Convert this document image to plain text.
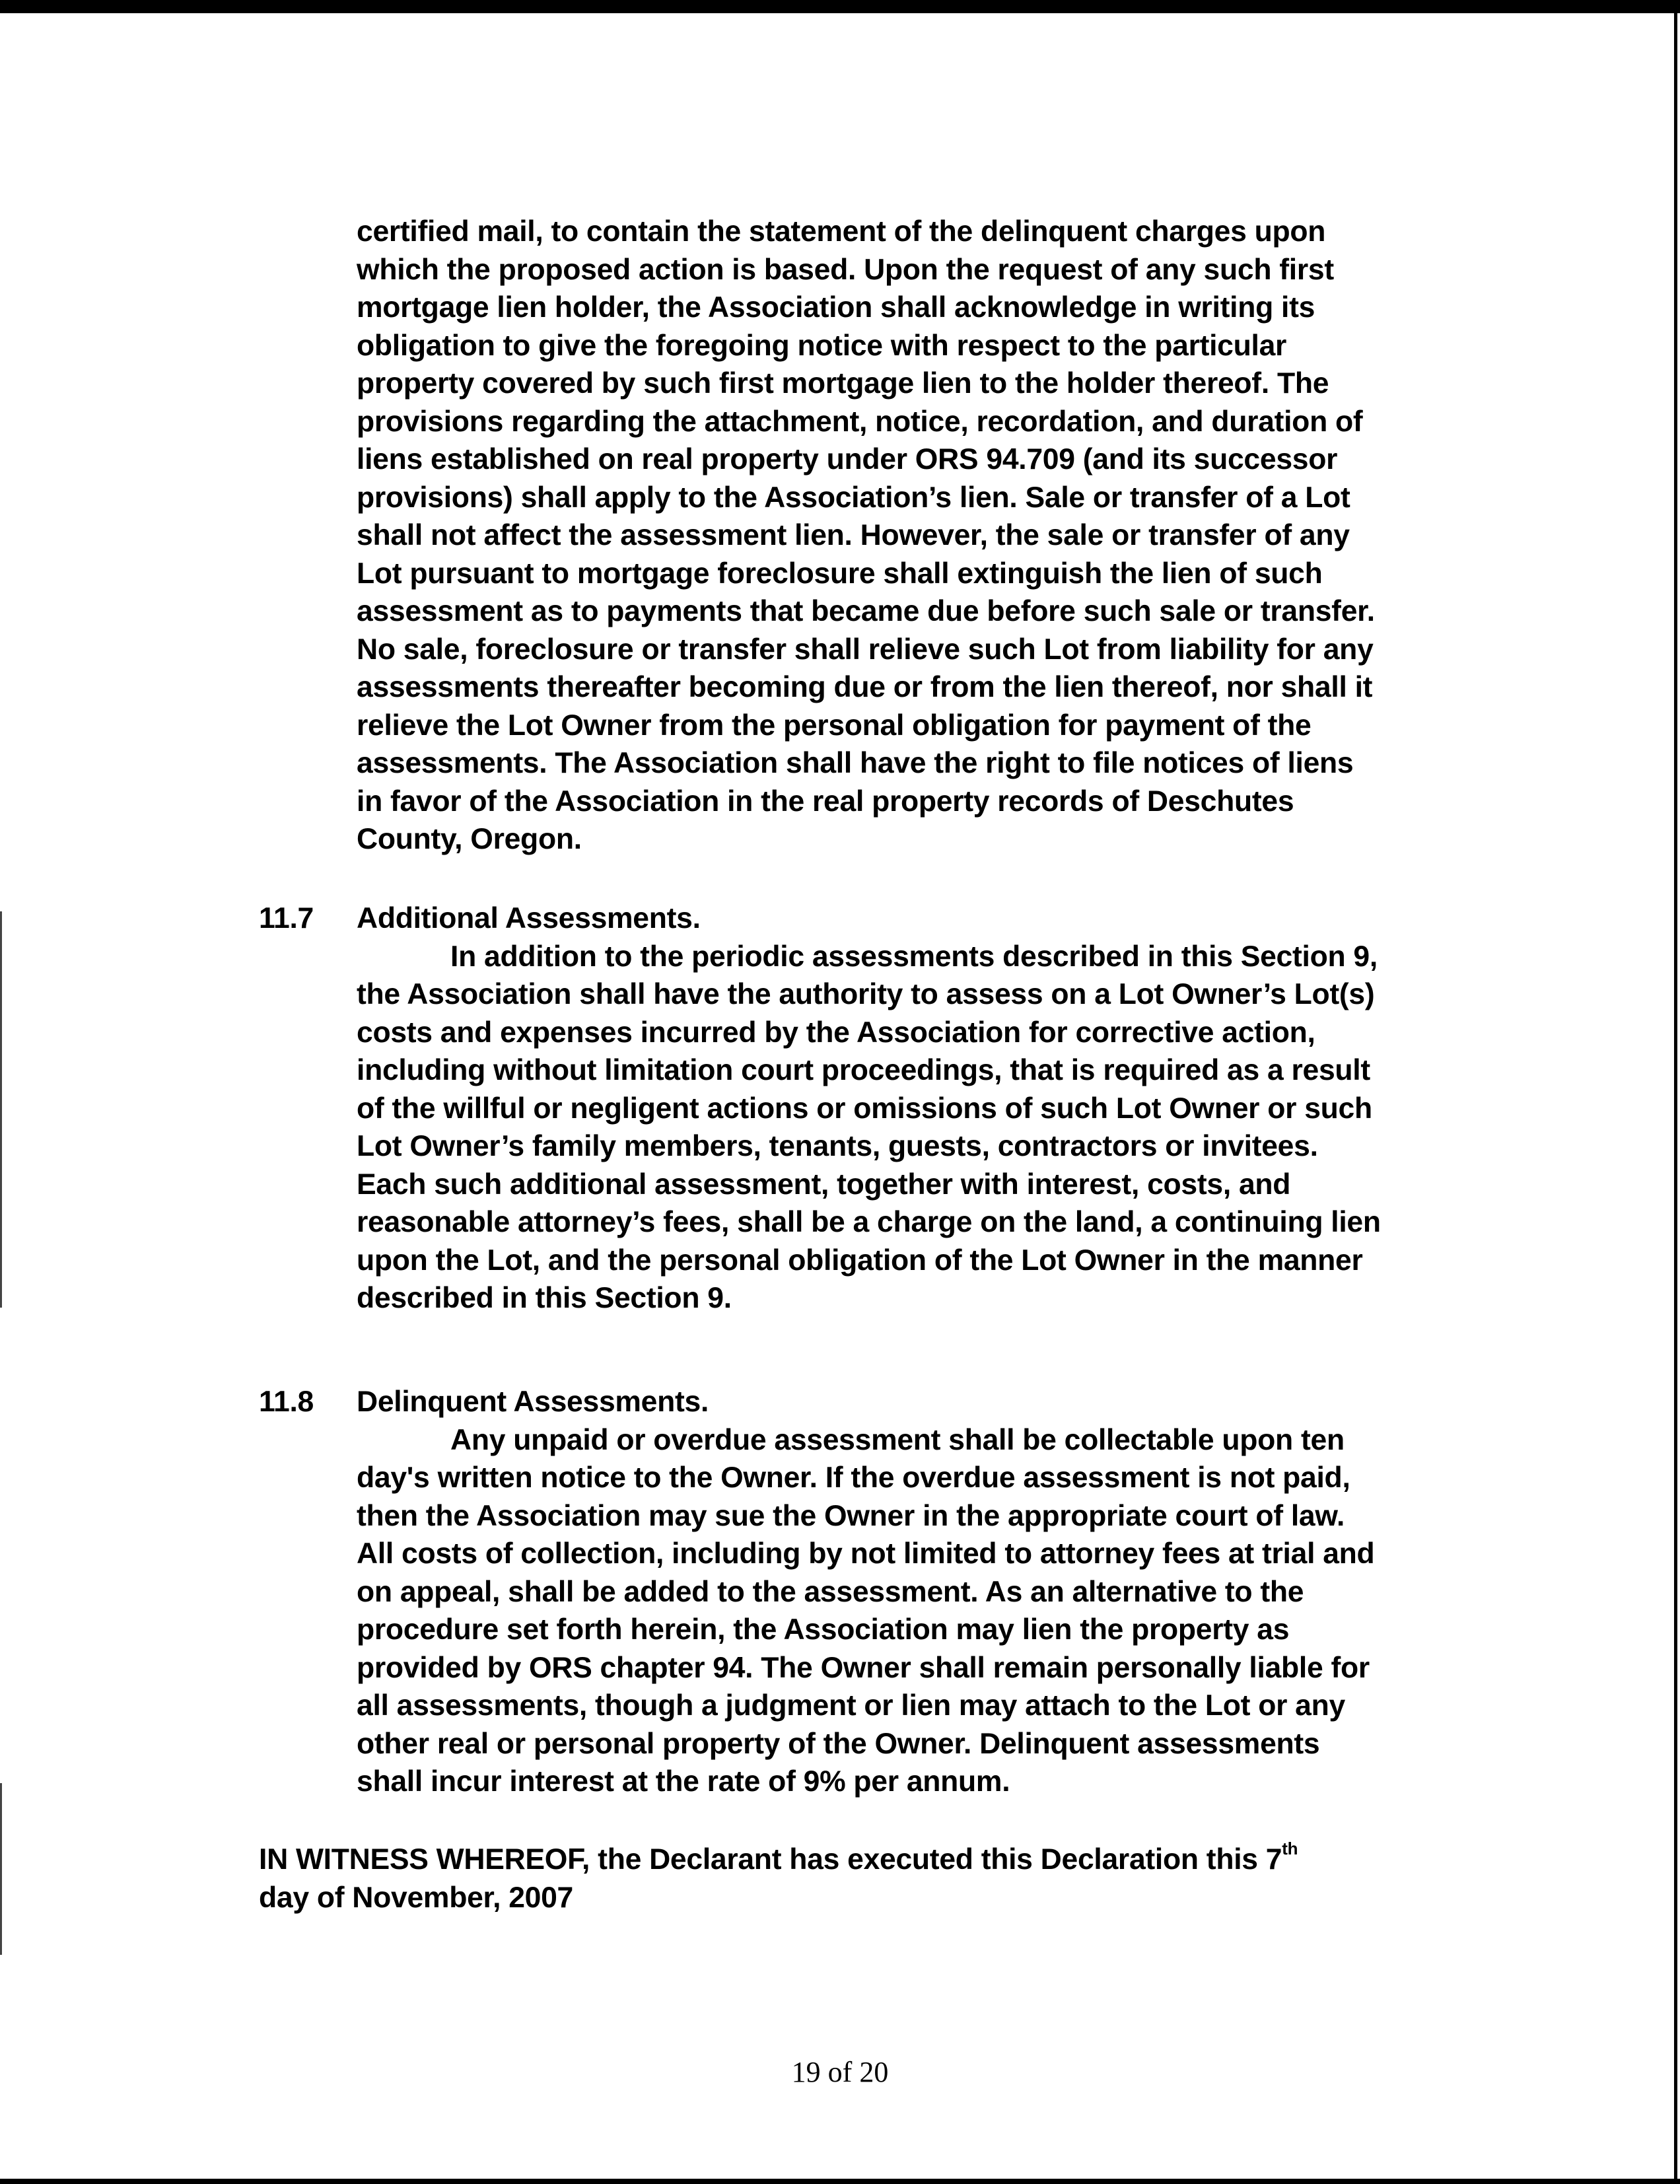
certified mail, to contain the statement of the delinquent charges upon
which the proposed action is based. Upon the request of any such first
mortgage lien holder, the Association shall acknowledge in writing its
obligation to give the foregoing notice with respect to the particular
property covered by such first mortgage lien to the holder thereof. The
provisions regarding the attachment, notice, recordation, and duration of
liens established on real property under ORS 94.709 (and its successor
provisions) shall apply to the Association’s lien. Sale or transfer of a Lot
shall not affect the assessment lien. However, the sale or transfer of any
Lot pursuant to mortgage foreclosure shall extinguish the lien of such
assessment as to payments that became due before such sale or transfer.
No sale, foreclosure or transfer shall relieve such Lot from liability for any
assessments thereafter becoming due or from the lien thereof, nor shall it
relieve the Lot Owner from the personal obligation for payment of the
assessments. The Association shall have the right to file notices of liens
in favor of the Association in the real property records of Deschutes
County, Oregon.
11.7 Additional Assessments.
In addition to the periodic assessments described in this Section 9,
the Association shall have the authority to assess on a Lot Owner’s Lot(s)
costs and expenses incurred by the Association for corrective action,
including without limitation court proceedings, that is required as a result
of the willful or negligent actions or omissions of such Lot Owner or such
Lot Owner’s family members, tenants, guests, contractors or invitees.
Each such additional assessment, together with interest, costs, and
reasonable attorney’s fees, shall be a charge on the land, a continuing lien
upon the Lot, and the personal obligation of the Lot Owner in the manner
described in this Section 9.
11.8 Delinquent Assessments.
Any unpaid or overdue assessment shall be collectable upon ten
day's written notice to the Owner. If the overdue assessment is not paid,
then the Association may sue the Owner in the appropriate court of law.
All costs of collection, including by not limited to attorney fees at trial and
on appeal, shall be added to the assessment. As an alternative to the
procedure set forth herein, the Association may lien the property as
provided by ORS chapter 94. The Owner shall remain personally liable for
all assessments, though a judgment or lien may attach to the Lot or any
other real or personal property of the Owner. Delinquent assessments
shall incur interest at the rate of 9% per annum.
IN WITNESS WHEREOF, the Declarant has executed this Declaration this 7th
day of November, 2007
19 of 20
